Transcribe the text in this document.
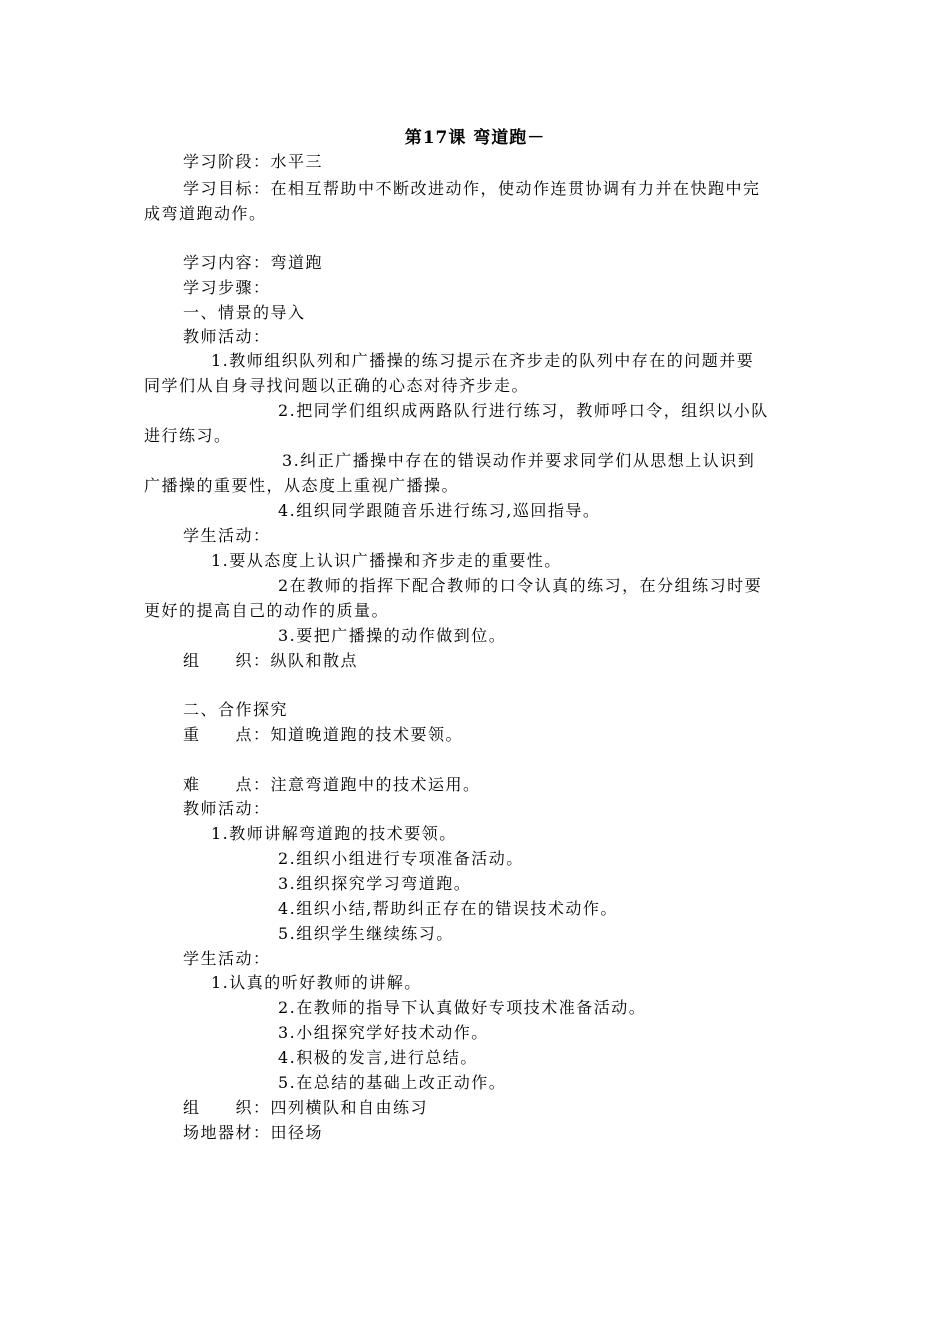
第17课 弯道跑－
学习阶段：水平三
学习目标：在相互帮助中不断改进动作，使动作连贯协调有力并在快跑中完
成弯道跑动作。
学习内容：弯道跑
学习步骤：
一、情景的导入
教师活动：
1.教师组织队列和广播操的练习提示在齐步走的队列中存在的问题并要
同学们从自身寻找问题以正确的心态对待齐步走。
2.把同学们组织成两路队行进行练习，教师呼口令，组织以小队
进行练习。
3.纠正广播操中存在的错误动作并要求同学们从思想上认识到
广播操的重要性，从态度上重视广播操。
4.组织同学跟随音乐进行练习,巡回指导。
学生活动：
1.要从态度上认识广播操和齐步走的重要性。
2在教师的指挥下配合教师的口令认真的练习，在分组练习时要
更好的提高自己的动作的质量。
3.要把广播操的动作做到位。
组　　织：纵队和散点
二、合作探究
重　　点：知道晚道跑的技术要领。
难　　点：注意弯道跑中的技术运用。
教师活动：
1.教师讲解弯道跑的技术要领。
2.组织小组进行专项准备活动。
3.组织探究学习弯道跑。
4.组织小结,帮助纠正存在的错误技术动作。
5.组织学生继续练习。
学生活动：
1.认真的听好教师的讲解。
2.在教师的指导下认真做好专项技术准备活动。
3.小组探究学好技术动作。
4.积极的发言,进行总结。
5.在总结的基础上改正动作。
组　　织：四列横队和自由练习
场地器材：田径场
